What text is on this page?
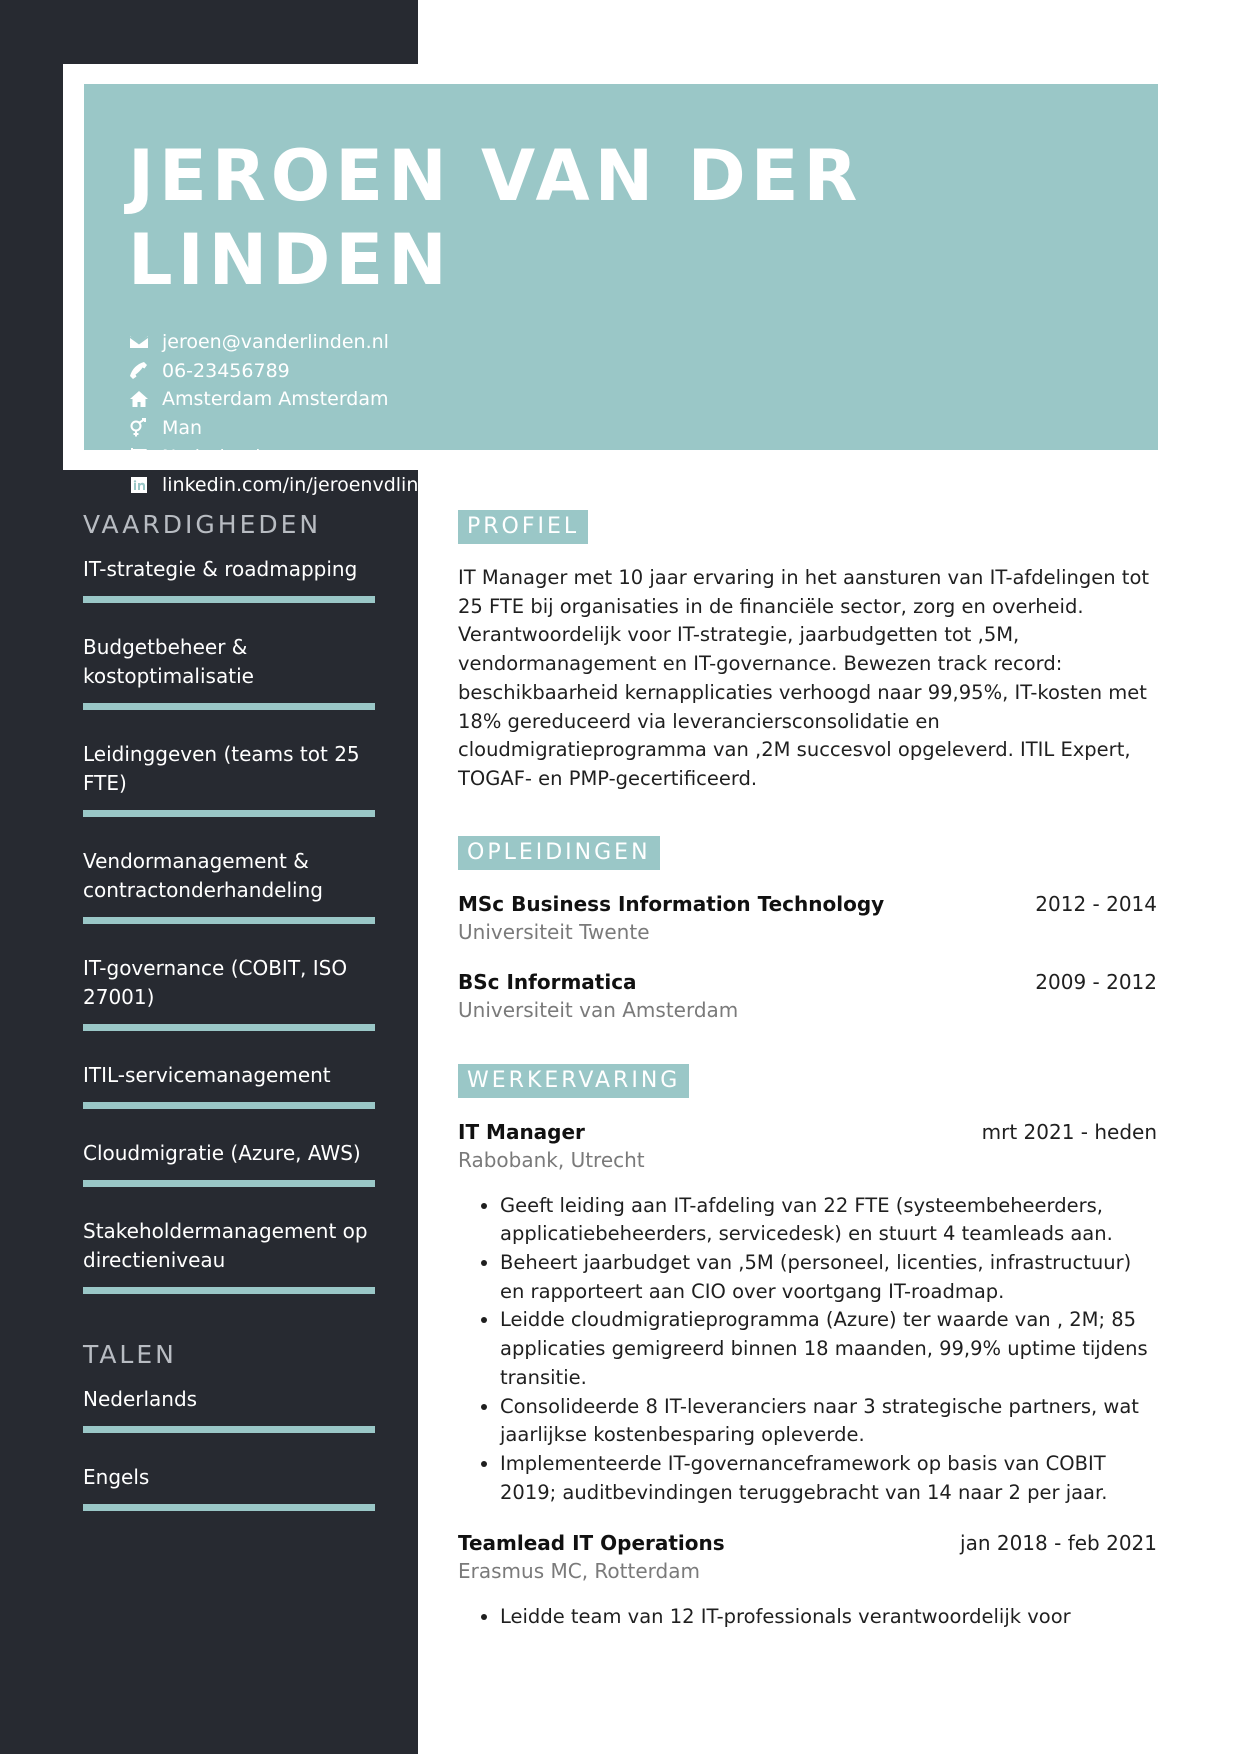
JEROEN VAN DER LINDEN
jeroen@vanderlinden.nl
06-23456789
Amsterdam Amsterdam
Man
Nederlands
linkedin.com/in/jeroenvdlinden
VAARDIGHEDEN
IT-strategie & roadmapping
Budgetbeheer & kostoptimalisatie
Leidinggeven (teams tot 25 FTE)
Vendormanagement & contractonderhandeling
IT-governance (COBIT, ISO 27001)
ITIL-servicemanagement
Cloudmigratie (Azure, AWS)
Stakeholdermanagement op directieniveau
TALEN
Nederlands
Engels
PROFIEL

IT Manager met 10 jaar ervaring in het aansturen van IT-afdelingen tot 25 FTE bij organisaties in de financiële sector, zorg en overheid. Verantwoordelijk voor IT-strategie, jaarbudgetten tot ,5M, vendormanagement en IT-governance. Bewezen track record: beschikbaarheid kernapplicaties verhoogd naar 99,95%, IT-kosten met 18% gereduceerd via leveranciersconsolidatie en cloudmigratieprogramma van ,2M succesvol opgeleverd. ITIL Expert, TOGAF- en PMP-gecertificeerd.

OPLEIDINGEN
MSc Business Information Technology	2012 - 2014
Universiteit Twente
BSc Informatica	2009 - 2012
Universiteit van Amsterdam
WERKERVARING
IT Manager	mrt 2021 - heden
Rabobank, Utrecht
• Geeft leiding aan IT-afdeling van 22 FTE (systeembeheerders, applicatiebeheerders, servicedesk) en stuurt 4 teamleads aan.
• Beheert jaarbudget van ,5M (personeel, licenties, infrastructuur) en rapporteert aan CIO over voortgang IT-roadmap.
• Leidde cloudmigratieprogramma (Azure) ter waarde van , 2M; 85 applicaties gemigreerd binnen 18 maanden, 99,9% uptime tijdens transitie.
• Consolideerde 8 IT-leveranciers naar 3 strategische partners, wat jaarlijkse kostenbesparing opleverde.
• Implementeerde IT-governanceframework op basis van COBIT 2019; auditbevindingen teruggebracht van 14 naar 2 per jaar.
Teamlead IT Operations	jan 2018 - feb 2021
Erasmus MC, Rotterdam
• Leidde team van 12 IT-professionals verantwoordelijk voor
